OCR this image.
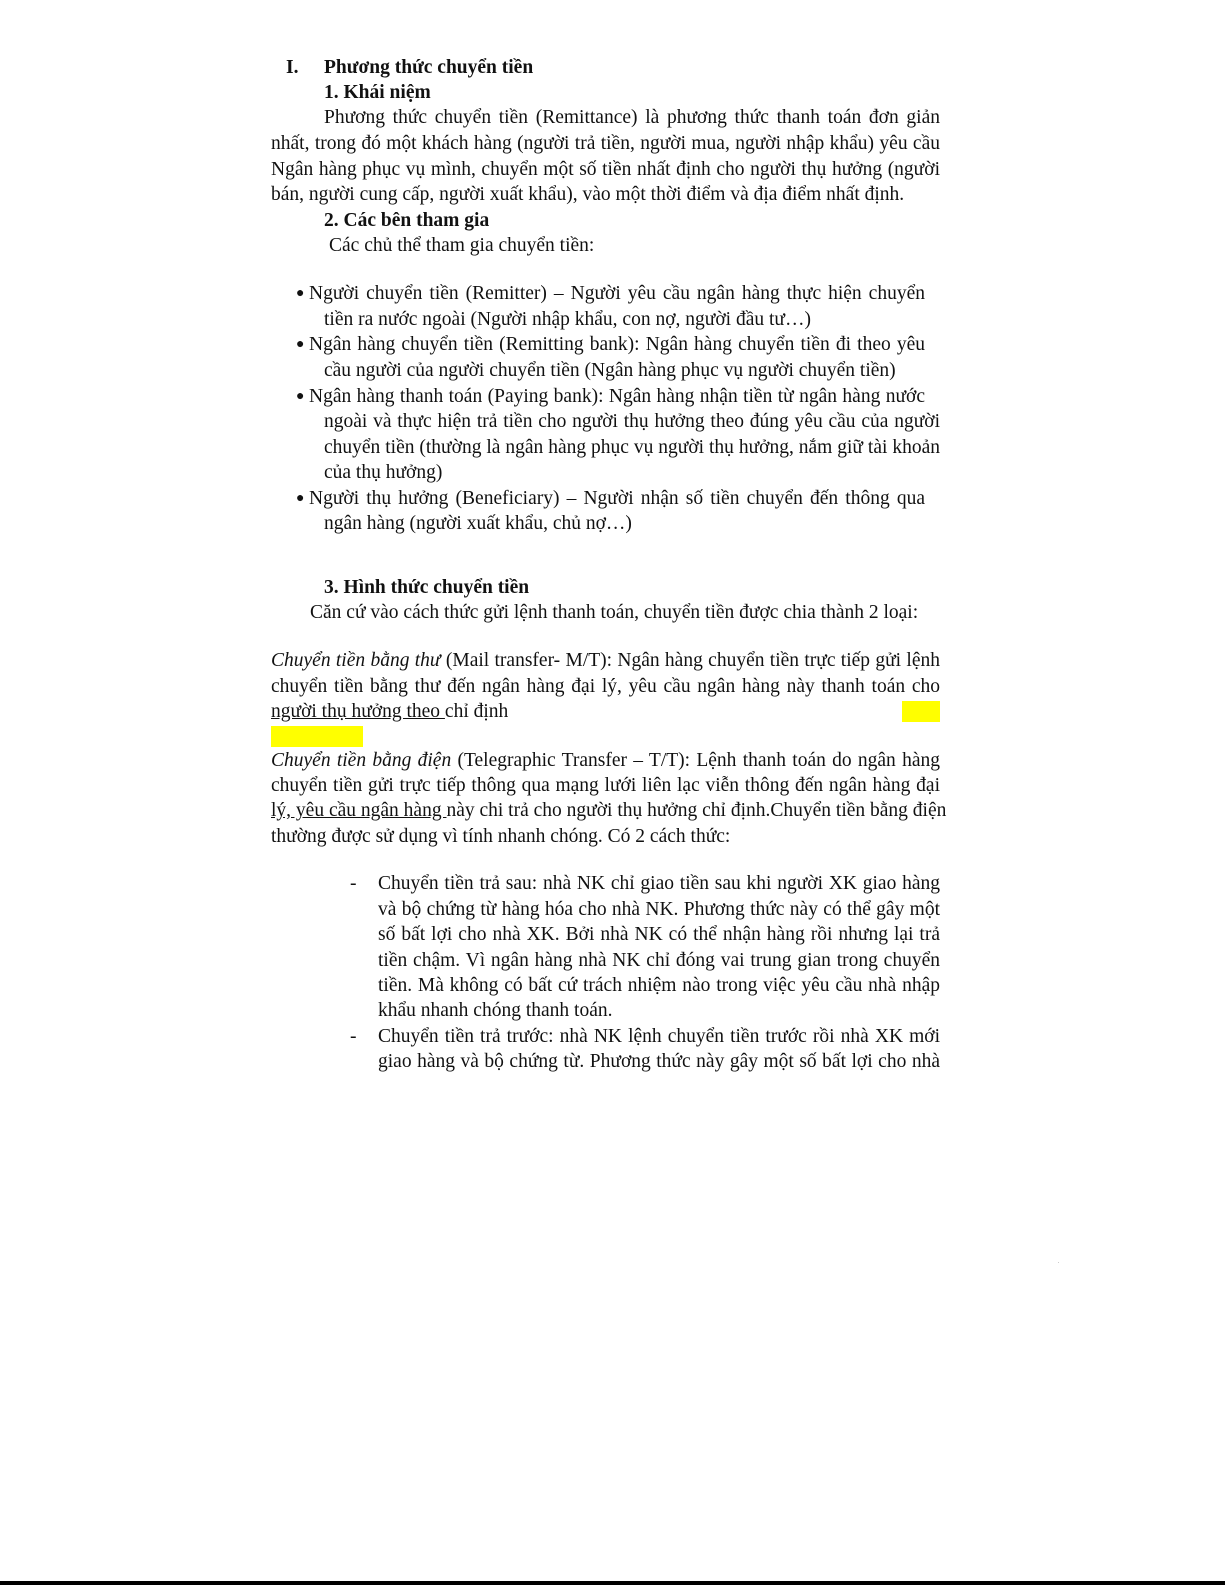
I. Phương thức chuyển tiền
1. Khái niệm
Phương thức chuyển tiền (Remittance) là phương thức thanh toán đơn giản
nhất, trong đó một khách hàng (người trả tiền, người mua, người nhập khẩu) yêu cầu
Ngân hàng phục vụ mình, chuyển một số tiền nhất định cho người thụ hưởng (người
bán, người cung cấp, người xuất khẩu), vào một thời điểm và địa điểm nhất định.
2. Các bên tham gia
Các chủ thể tham gia chuyển tiền:
● Người chuyển tiền (Remitter) – Người yêu cầu ngân hàng thực hiện chuyển
tiền ra nước ngoài (Người nhập khẩu, con nợ, người đầu tư…)
● Ngân hàng chuyển tiền (Remitting bank): Ngân hàng chuyển tiền đi theo yêu
cầu người của người chuyển tiền (Ngân hàng phục vụ người chuyển tiền)
● Ngân hàng thanh toán (Paying bank): Ngân hàng nhận tiền từ ngân hàng nước
ngoài và thực hiện trả tiền cho người thụ hưởng theo đúng yêu cầu của người
chuyển tiền (thường là ngân hàng phục vụ người thụ hưởng, nắm giữ tài khoản
của thụ hưởng)
● Người thụ hưởng (Beneficiary) – Người nhận số tiền chuyển đến thông qua
ngân hàng (người xuất khẩu, chủ nợ…)
3. Hình thức chuyển tiền
Căn cứ vào cách thức gửi lệnh thanh toán, chuyển tiền được chia thành 2 loại:
Chuyển tiền bằng thư (Mail transfer- M/T): Ngân hàng chuyển tiền trực tiếp gửi lệnh
chuyển tiền bằng thư đến ngân hàng đại lý, yêu cầu ngân hàng này thanh toán cho
người thụ hưởng theo chỉ định
Chuyển tiền bằng điện (Telegraphic Transfer – T/T): Lệnh thanh toán do ngân hàng
chuyển tiền gửi trực tiếp thông qua mạng lưới liên lạc viễn thông đến ngân hàng đại
lý, yêu cầu ngân hàng này chi trả cho người thụ hưởng chỉ định.Chuyển tiền bằng điện
thường được sử dụng vì tính nhanh chóng. Có 2 cách thức:
- Chuyển tiền trả sau: nhà NK chỉ giao tiền sau khi người XK giao hàng
và bộ chứng từ hàng hóa cho nhà NK. Phương thức này có thể gây một
số bất lợi cho nhà XK. Bởi nhà NK có thể nhận hàng rồi nhưng lại trả
tiền chậm. Vì ngân hàng nhà NK chỉ đóng vai trung gian trong chuyển
tiền. Mà không có bất cứ trách nhiệm nào trong việc yêu cầu nhà nhập
khẩu nhanh chóng thanh toán.
- Chuyển tiền trả trước: nhà NK lệnh chuyển tiền trước rồi nhà XK mới
giao hàng và bộ chứng từ. Phương thức này gây một số bất lợi cho nhà
